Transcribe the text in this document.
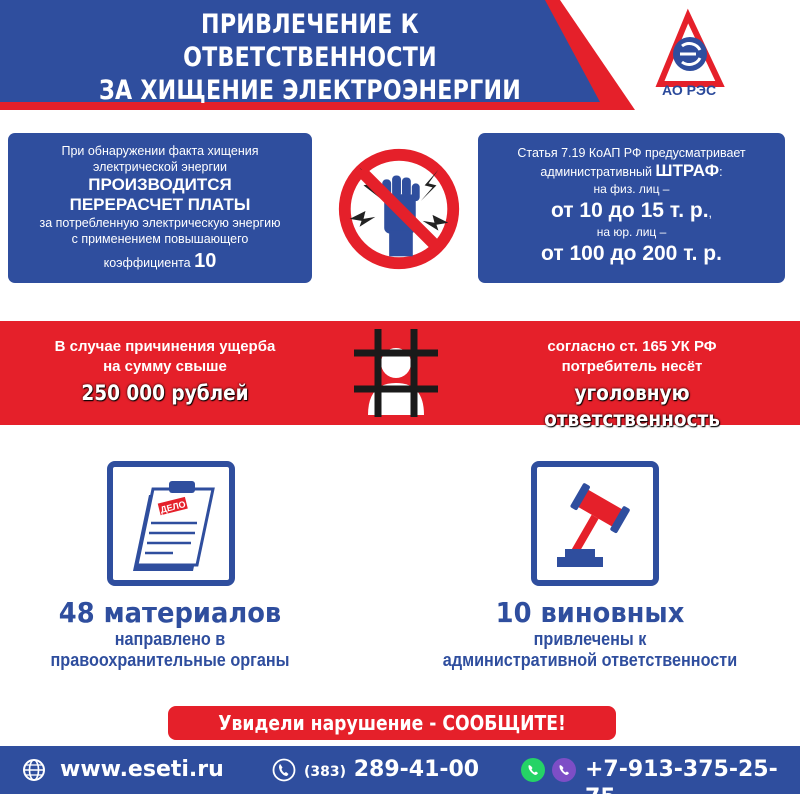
ПРИВЛЕЧЕНИЕ К ОТВЕТСТВЕННОСТИ
ЗА ХИЩЕНИЕ ЭЛЕКТРОЭНЕРГИИ
(4 месяца 2019 года)
АО РЭС
При обнаружении факта хищения
электрической энергии
ПРОИЗВОДИТСЯ
ПЕРЕРАСЧЕТ ПЛАТЫ
за потребленную электрическую энергию
с применением повышающего
коэффициента 10
Статья 7.19 КоАП РФ предусматривает
административный ШТРАФ:
на физ. лиц –
от 10 до 15 т. р.,
на юр. лиц –
от 100 до 200 т. р.
В случае причинения ущерба
на сумму свыше
250 000 рублей
согласно ст. 165 УК РФ
потребитель несёт
уголовную ответственность
ДЕЛО
48 материалов
направлено в
правоохранительные органы
10 виновных
привлечены к
административной ответственности
Увидели нарушение - СООБЩИТЕ!
www.eseti.ru	(383) 289-41-00	+7-913-375-25-75
